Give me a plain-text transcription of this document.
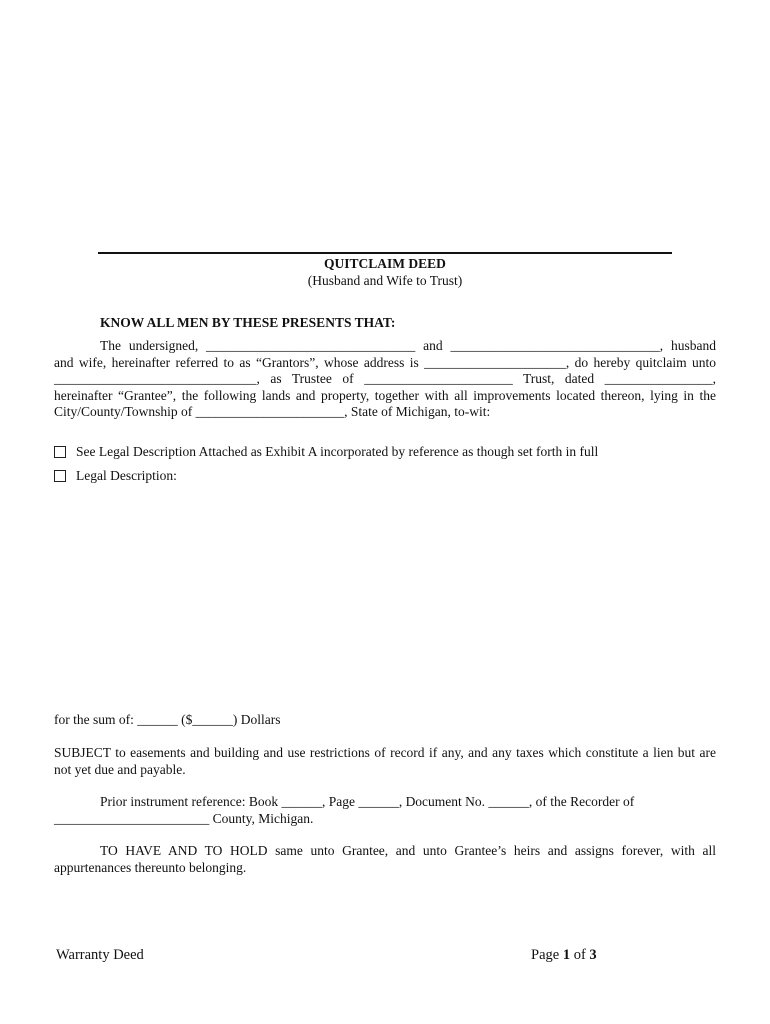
QUITCLAIM DEED
(Husband and Wife to Trust)
KNOW ALL MEN BY THESE PRESENTS THAT:
The undersigned, _______________________________ and _______________________________, husband
and wife, hereinafter referred to as “Grantors”, whose address is _____________________, do hereby quitclaim unto
______________________________, as Trustee of ______________________ Trust, dated ________________,
hereinafter “Grantee”, the following lands and property, together with all improvements located thereon, lying in the
City/County/Township of ______________________, State of Michigan, to-wit:
See Legal Description Attached as Exhibit A incorporated by reference as though set forth in full
Legal Description:
for the sum of: ______ ($______) Dollars
SUBJECT to easements and building and use restrictions of record if any, and any taxes which constitute a lien but are
not yet due and payable.
Prior instrument reference: Book ______, Page ______, Document No. ______, of the Recorder of
_______________________ County, Michigan.
TO HAVE AND TO HOLD same unto Grantee, and unto Grantee’s heirs and assigns forever, with all
appurtenances thereunto belonging.
Warranty Deed	Page 1 of 3
